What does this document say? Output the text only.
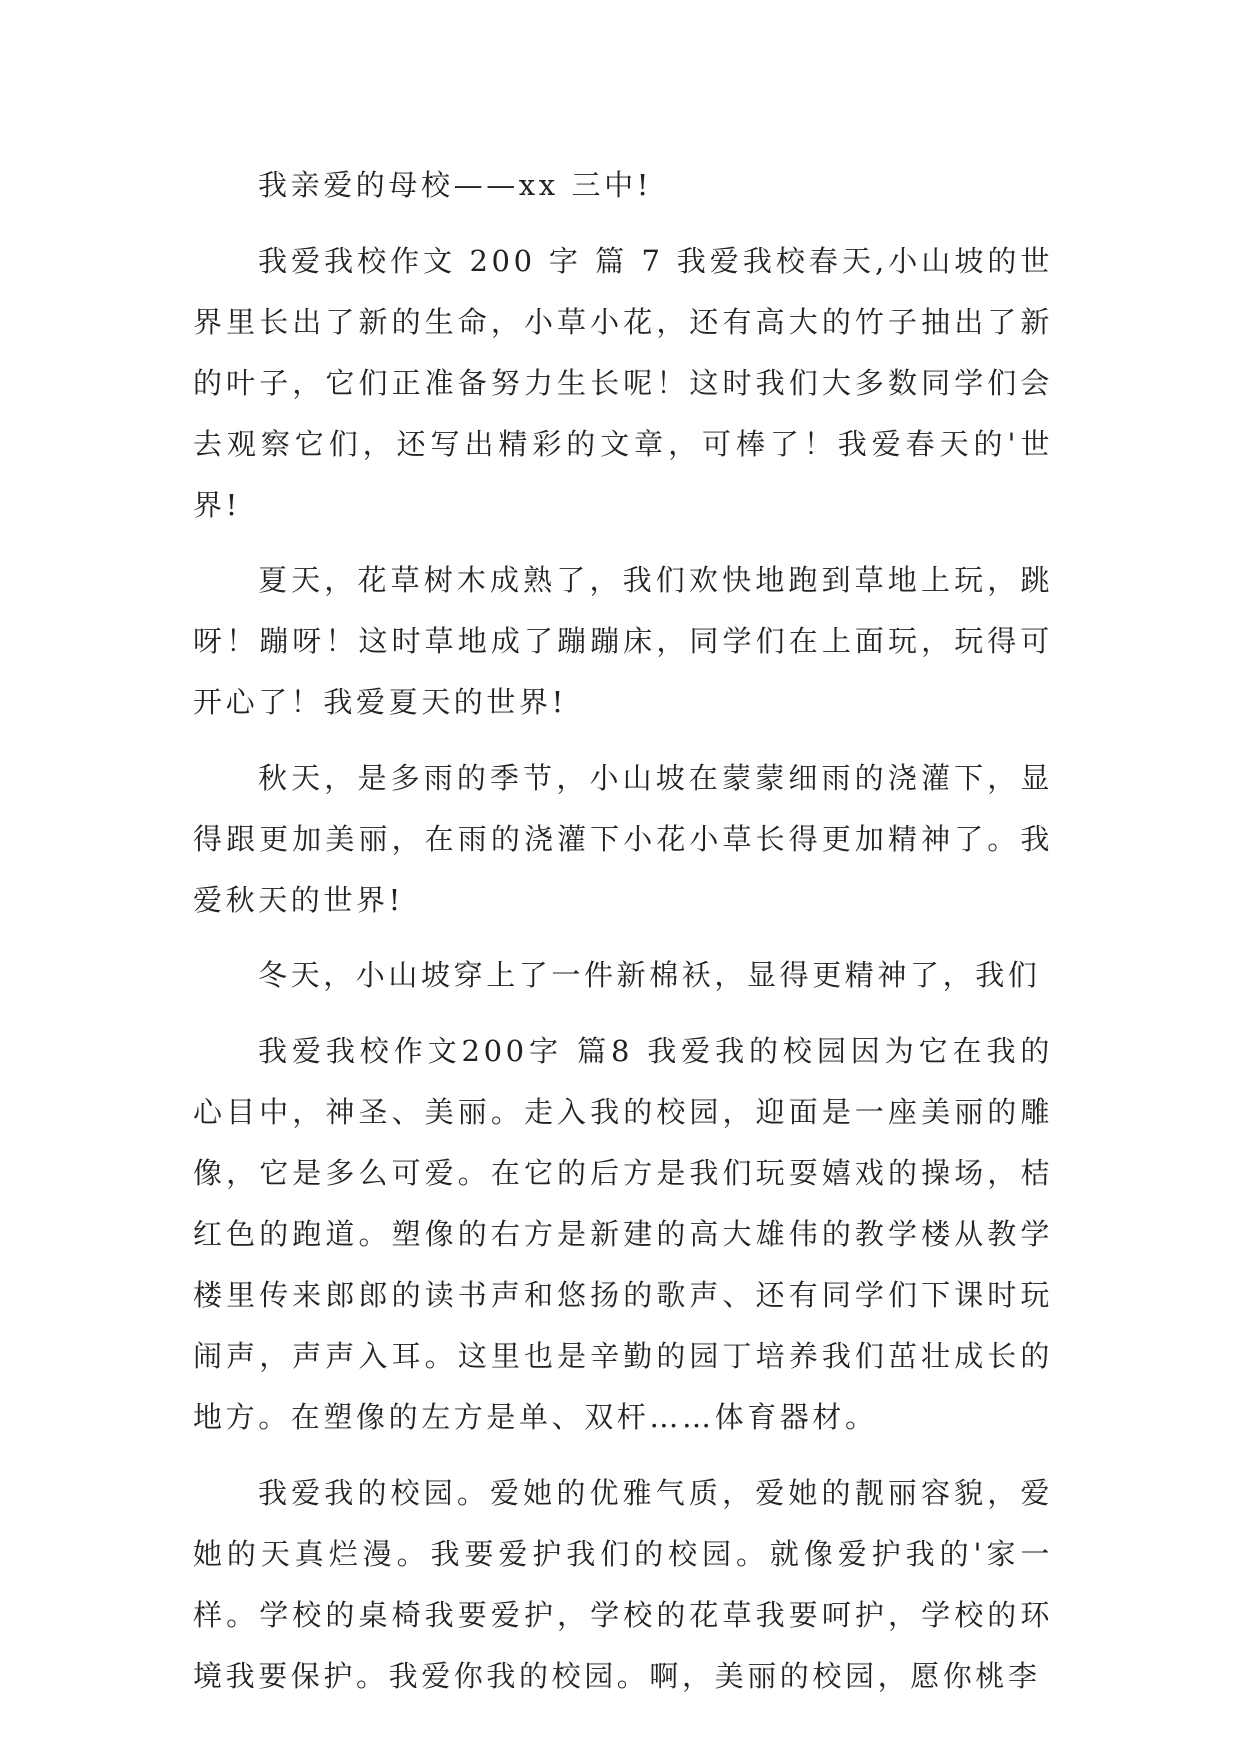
我亲爱的母校——xx 三中!

我爱我校作文 200 字 篇 7 我爱我校春天,小山坡的世界里长出了新的生命，小草小花，还有高大的竹子抽出了新的叶子，它们正准备努力生长呢！这时我们大多数同学们会去观察它们，还写出精彩的文章，可棒了！我爱春天的'世界!

夏天，花草树木成熟了，我们欢快地跑到草地上玩，跳呀！蹦呀！这时草地成了蹦蹦床，同学们在上面玩，玩得可开心了！我爱夏天的世界!

秋天，是多雨的季节，小山坡在蒙蒙细雨的浇灌下，显得跟更加美丽，在雨的浇灌下小花小草长得更加精神了。我爱秋天的世界!

冬天，小山坡穿上了一件新棉袄，显得更精神了，我们

我爱我校作文200字 篇8 我爱我的校园因为它在我的心目中，神圣、美丽。走入我的校园，迎面是一座美丽的雕像，它是多么可爱。在它的后方是我们玩耍嬉戏的操场，桔红色的跑道。塑像的右方是新建的高大雄伟的教学楼从教学楼里传来郎郎的读书声和悠扬的歌声、还有同学们下课时玩闹声，声声入耳。这里也是辛勤的园丁培养我们茁壮成长的地方。在塑像的左方是单、双杆……体育器材。

我爱我的校园。爱她的优雅气质，爱她的靓丽容貌，爱她的天真烂漫。我要爱护我们的校园。就像爱护我的'家一样。学校的桌椅我要爱护，学校的花草我要呵护，学校的环境我要保护。我爱你我的校园。啊，美丽的校园，愿你桃李
